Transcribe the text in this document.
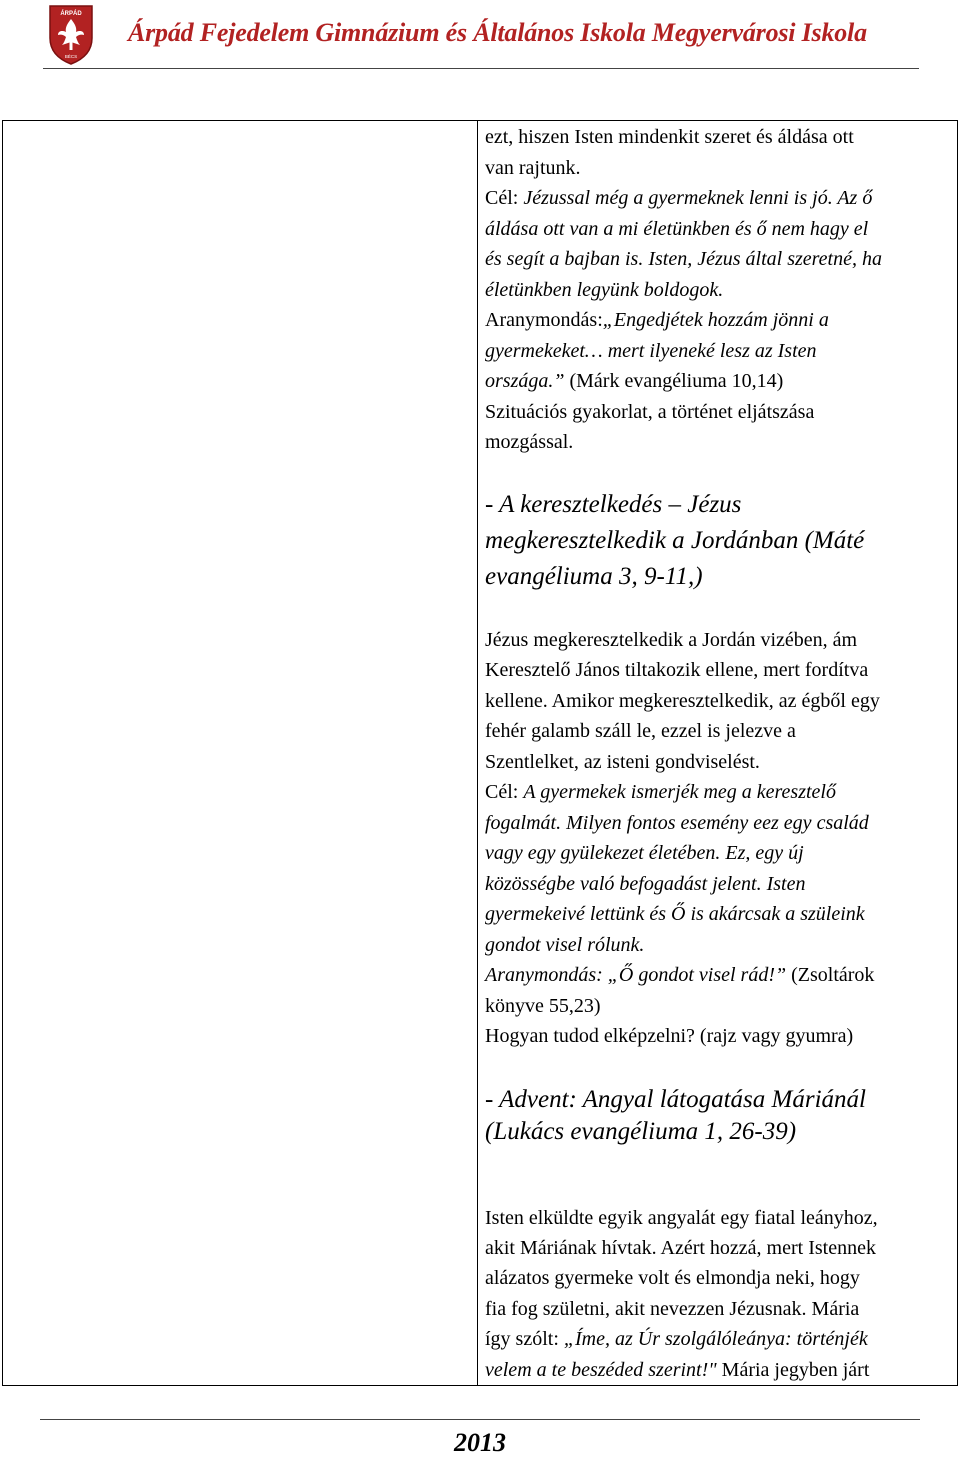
ÁRPÁD
BÉCS
Árpád Fejedelem Gimnázium és Általános Iskola Megyervárosi Iskola
ezt, hiszen Isten mindenkit szeret és áldása ott
van rajtunk.
Cél: Jézussal még a gyermeknek lenni is jó. Az ő
áldása ott van a mi életünkben és ő nem hagy el
és segít a bajban is. Isten, Jézus által szeretné, ha
életünkben legyünk boldogok.
Aranymondás:„Engedjétek hozzám jönni a
gyermekeket… mert ilyeneké lesz az Isten
országa.” (Márk evangéliuma 10,14)
Szituációs gyakorlat, a történet eljátszása
mozgással.
- A keresztelkedés – Jézus
megkeresztelkedik a Jordánban (Máté
evangéliuma 3, 9-11,)
Jézus megkeresztelkedik a Jordán vizében, ám
Keresztelő János tiltakozik ellene, mert fordítva
kellene. Amikor megkeresztelkedik, az égből egy
fehér galamb száll le, ezzel is jelezve a
Szentlelket, az isteni gondviselést.
Cél: A gyermekek ismerjék meg a keresztelő
fogalmát. Milyen fontos esemény eez egy család
vagy egy gyülekezet életében. Ez, egy új
közösségbe való befogadást jelent. Isten
gyermekeivé lettünk és Ő is akárcsak a szüleink
gondot visel rólunk.
Aranymondás: „Ő gondot visel rád!” (Zsoltárok
könyve 55,23)
Hogyan tudod elképzelni? (rajz vagy gyumra)
- Advent: Angyal látogatása Máriánál
(Lukács evangéliuma 1, 26-39)
Isten elküldte egyik angyalát egy fiatal leányhoz,
akit Máriának hívtak. Azért hozzá, mert Istennek
alázatos gyermeke volt és elmondja neki, hogy
fia fog születni, akit nevezzen Jézusnak. Mária
így szólt: „Íme, az Úr szolgálóleánya: történjék
velem a te beszéded szerint!" Mária jegyben járt
2013
